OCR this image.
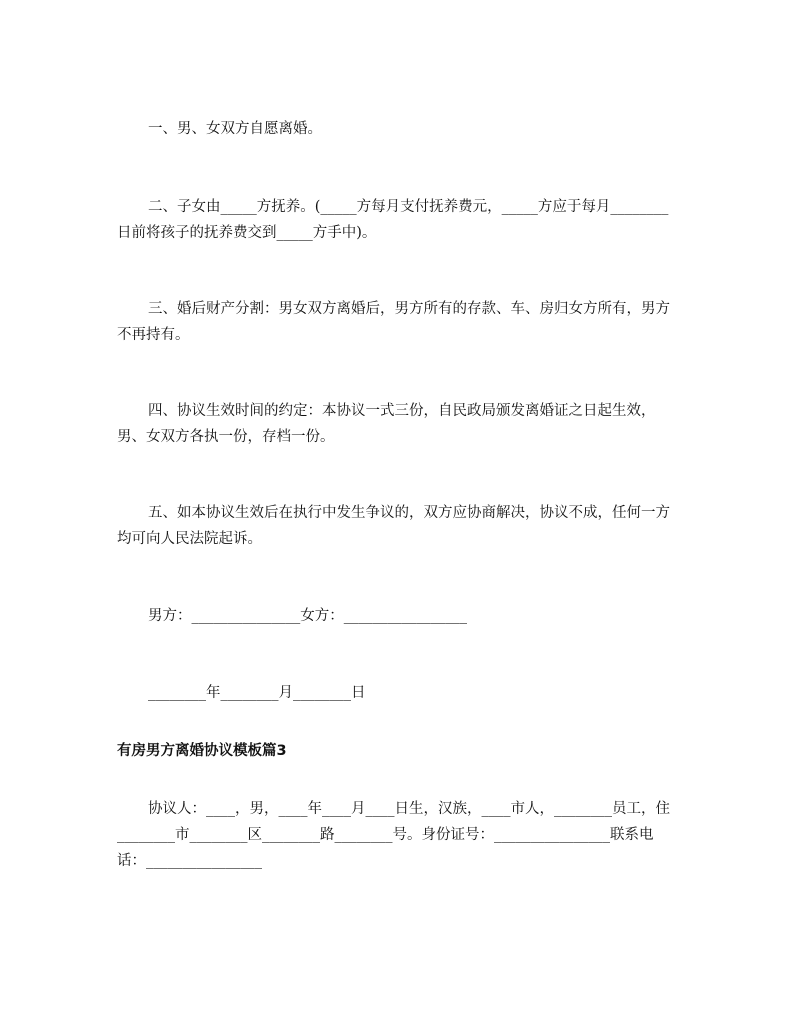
一、男、女双方自愿离婚。

二、子女由_____方抚养。(_____方每月支付抚养费元，_____方应于每月________日前将孩子的抚养费交到_____方手中)。

三、婚后财产分割：男女双方离婚后，男方所有的存款、车、房归女方所有，男方不再持有。

四、协议生效时间的约定：本协议一式三份，自民政局颁发离婚证之日起生效，男、女双方各执一份，存档一份。

五、如本协议生效后在执行中发生争议的，双方应协商解决，协议不成，任何一方均可向人民法院起诉。

男方：_______________女方：_________________

________年________月________日

有房男方离婚协议模板篇3

协议人：____，男，____年____月____日生，汉族，____市人，________员工，住________市________区________路________号。身份证号：________________联系电话：________________
